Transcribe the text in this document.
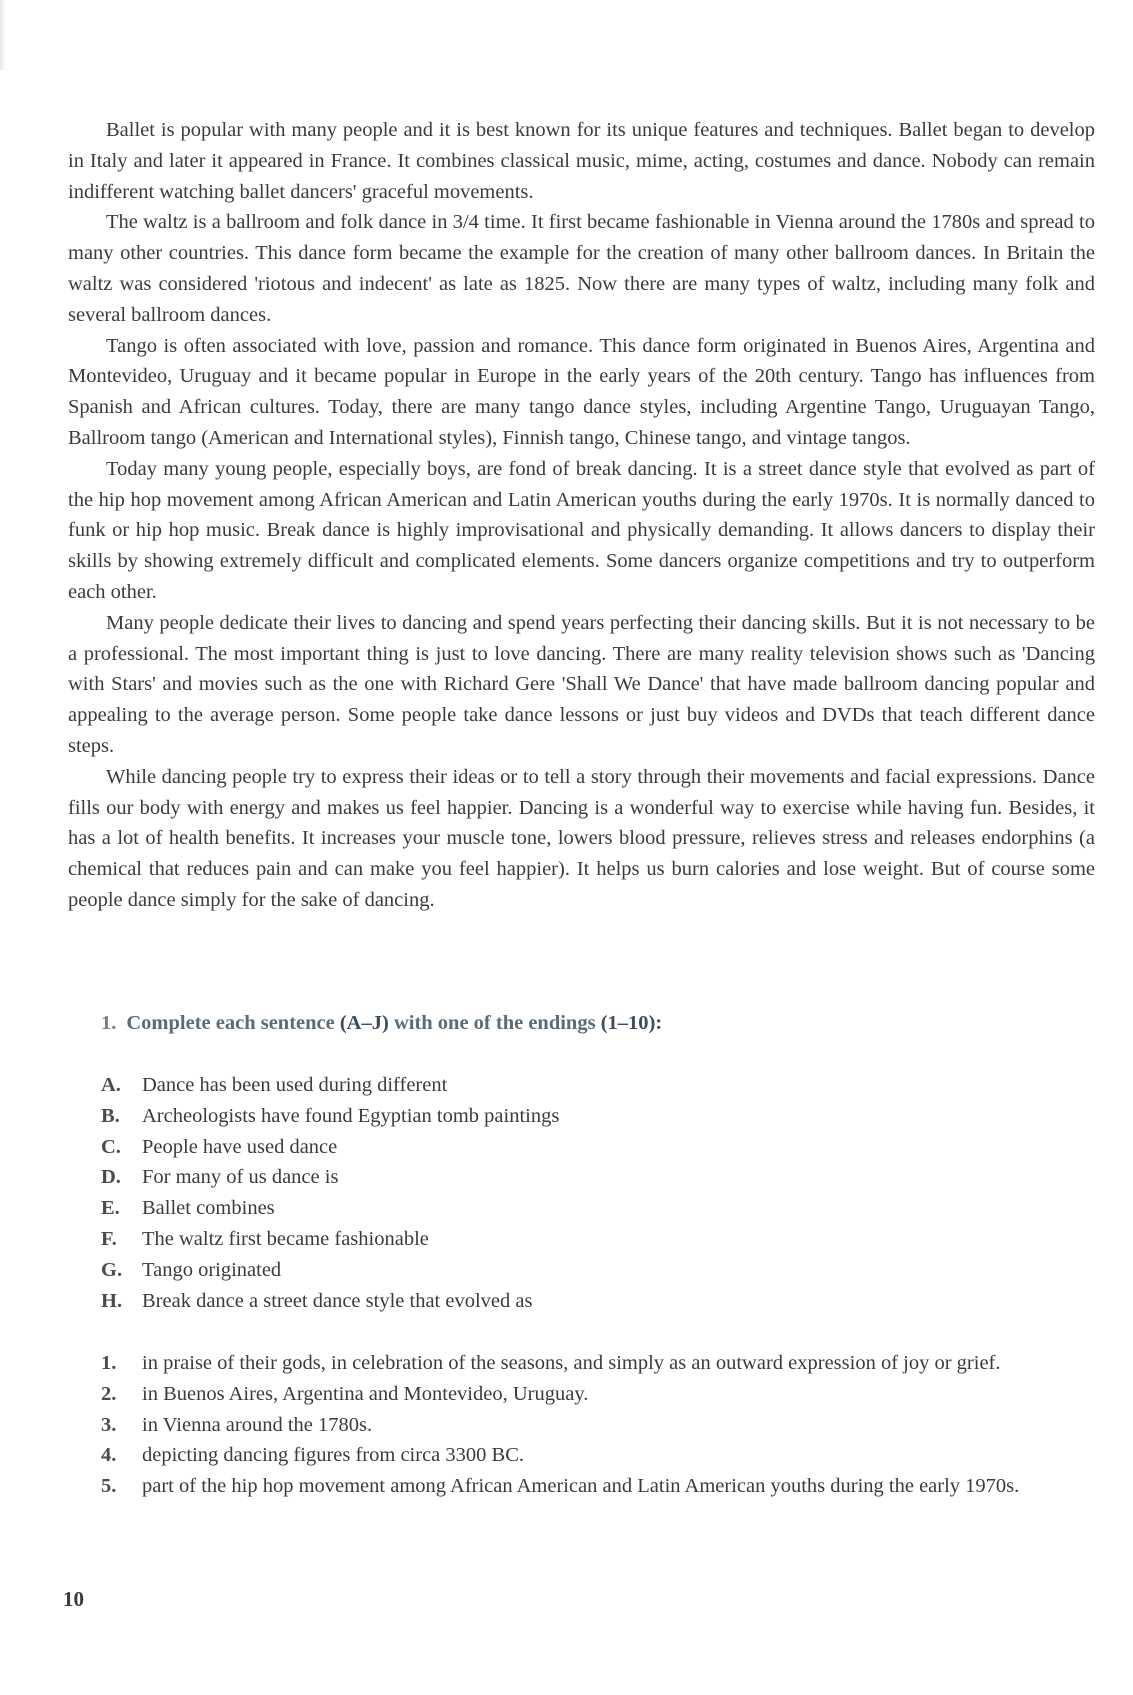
Ballet is popular with many people and it is best known for its unique features and techniques. Ballet began to develop in Italy and later it appeared in France. It combines classical music, mime, acting, costumes and dance. Nobody can remain indifferent watching ballet dancers' graceful movements.

The waltz is a ballroom and folk dance in 3/4 time. It first became fashionable in Vienna around the 1780s and spread to many other countries. This dance form became the example for the creation of many other ballroom dances. In Britain the waltz was considered 'riotous and indecent' as late as 1825. Now there are many types of waltz, including many folk and several ballroom dances.

Tango is often associated with love, passion and romance. This dance form originated in Buenos Aires, Argentina and Montevideo, Uruguay and it became popular in Europe in the early years of the 20th century. Tango has influences from Spanish and African cultures. Today, there are many tango dance styles, including Argentine Tango, Uruguayan Tango, Ballroom tango (American and International styles), Finnish tango, Chinese tango, and vintage tangos.

Today many young people, especially boys, are fond of break dancing. It is a street dance style that evolved as part of the hip hop movement among African American and Latin American youths during the early 1970s. It is normally danced to funk or hip hop music. Break dance is highly improvisational and physically demanding. It allows dancers to display their skills by showing extremely difficult and complicated elements. Some dancers organize competitions and try to outperform each other.

Many people dedicate their lives to dancing and spend years perfecting their dancing skills. But it is not necessary to be a professional. The most important thing is just to love dancing. There are many reality television shows such as 'Dancing with Stars' and movies such as the one with Richard Gere 'Shall We Dance' that have made ballroom dancing popular and appealing to the average person. Some people take dance lessons or just buy videos and DVDs that teach different dance steps.

While dancing people try to express their ideas or to tell a story through their movements and facial expressions. Dance fills our body with energy and makes us feel happier. Dancing is a wonderful way to exercise while having fun. Besides, it has a lot of health benefits. It increases your muscle tone, lowers blood pressure, relieves stress and releases endorphins (a chemical that reduces pain and can make you feel happier). It helps us burn calories and lose weight. But of course some people dance simply for the sake of dancing.

1. Complete each sentence (A–J) with one of the endings (1–10):
A. Dance has been used during different
B. Archeologists have found Egyptian tomb paintings
C. People have used dance
D. For many of us dance is
E. Ballet combines
F. The waltz first became fashionable
G. Tango originated
H. Break dance a street dance style that evolved as
1. in praise of their gods, in celebration of the seasons, and simply as an outward expression of joy or grief.
2. in Buenos Aires, Argentina and Montevideo, Uruguay.
3. in Vienna around the 1780s.
4. depicting dancing figures from circa 3300 BC.
5. part of the hip hop movement among African American and Latin American youths during the early 1970s.
10
